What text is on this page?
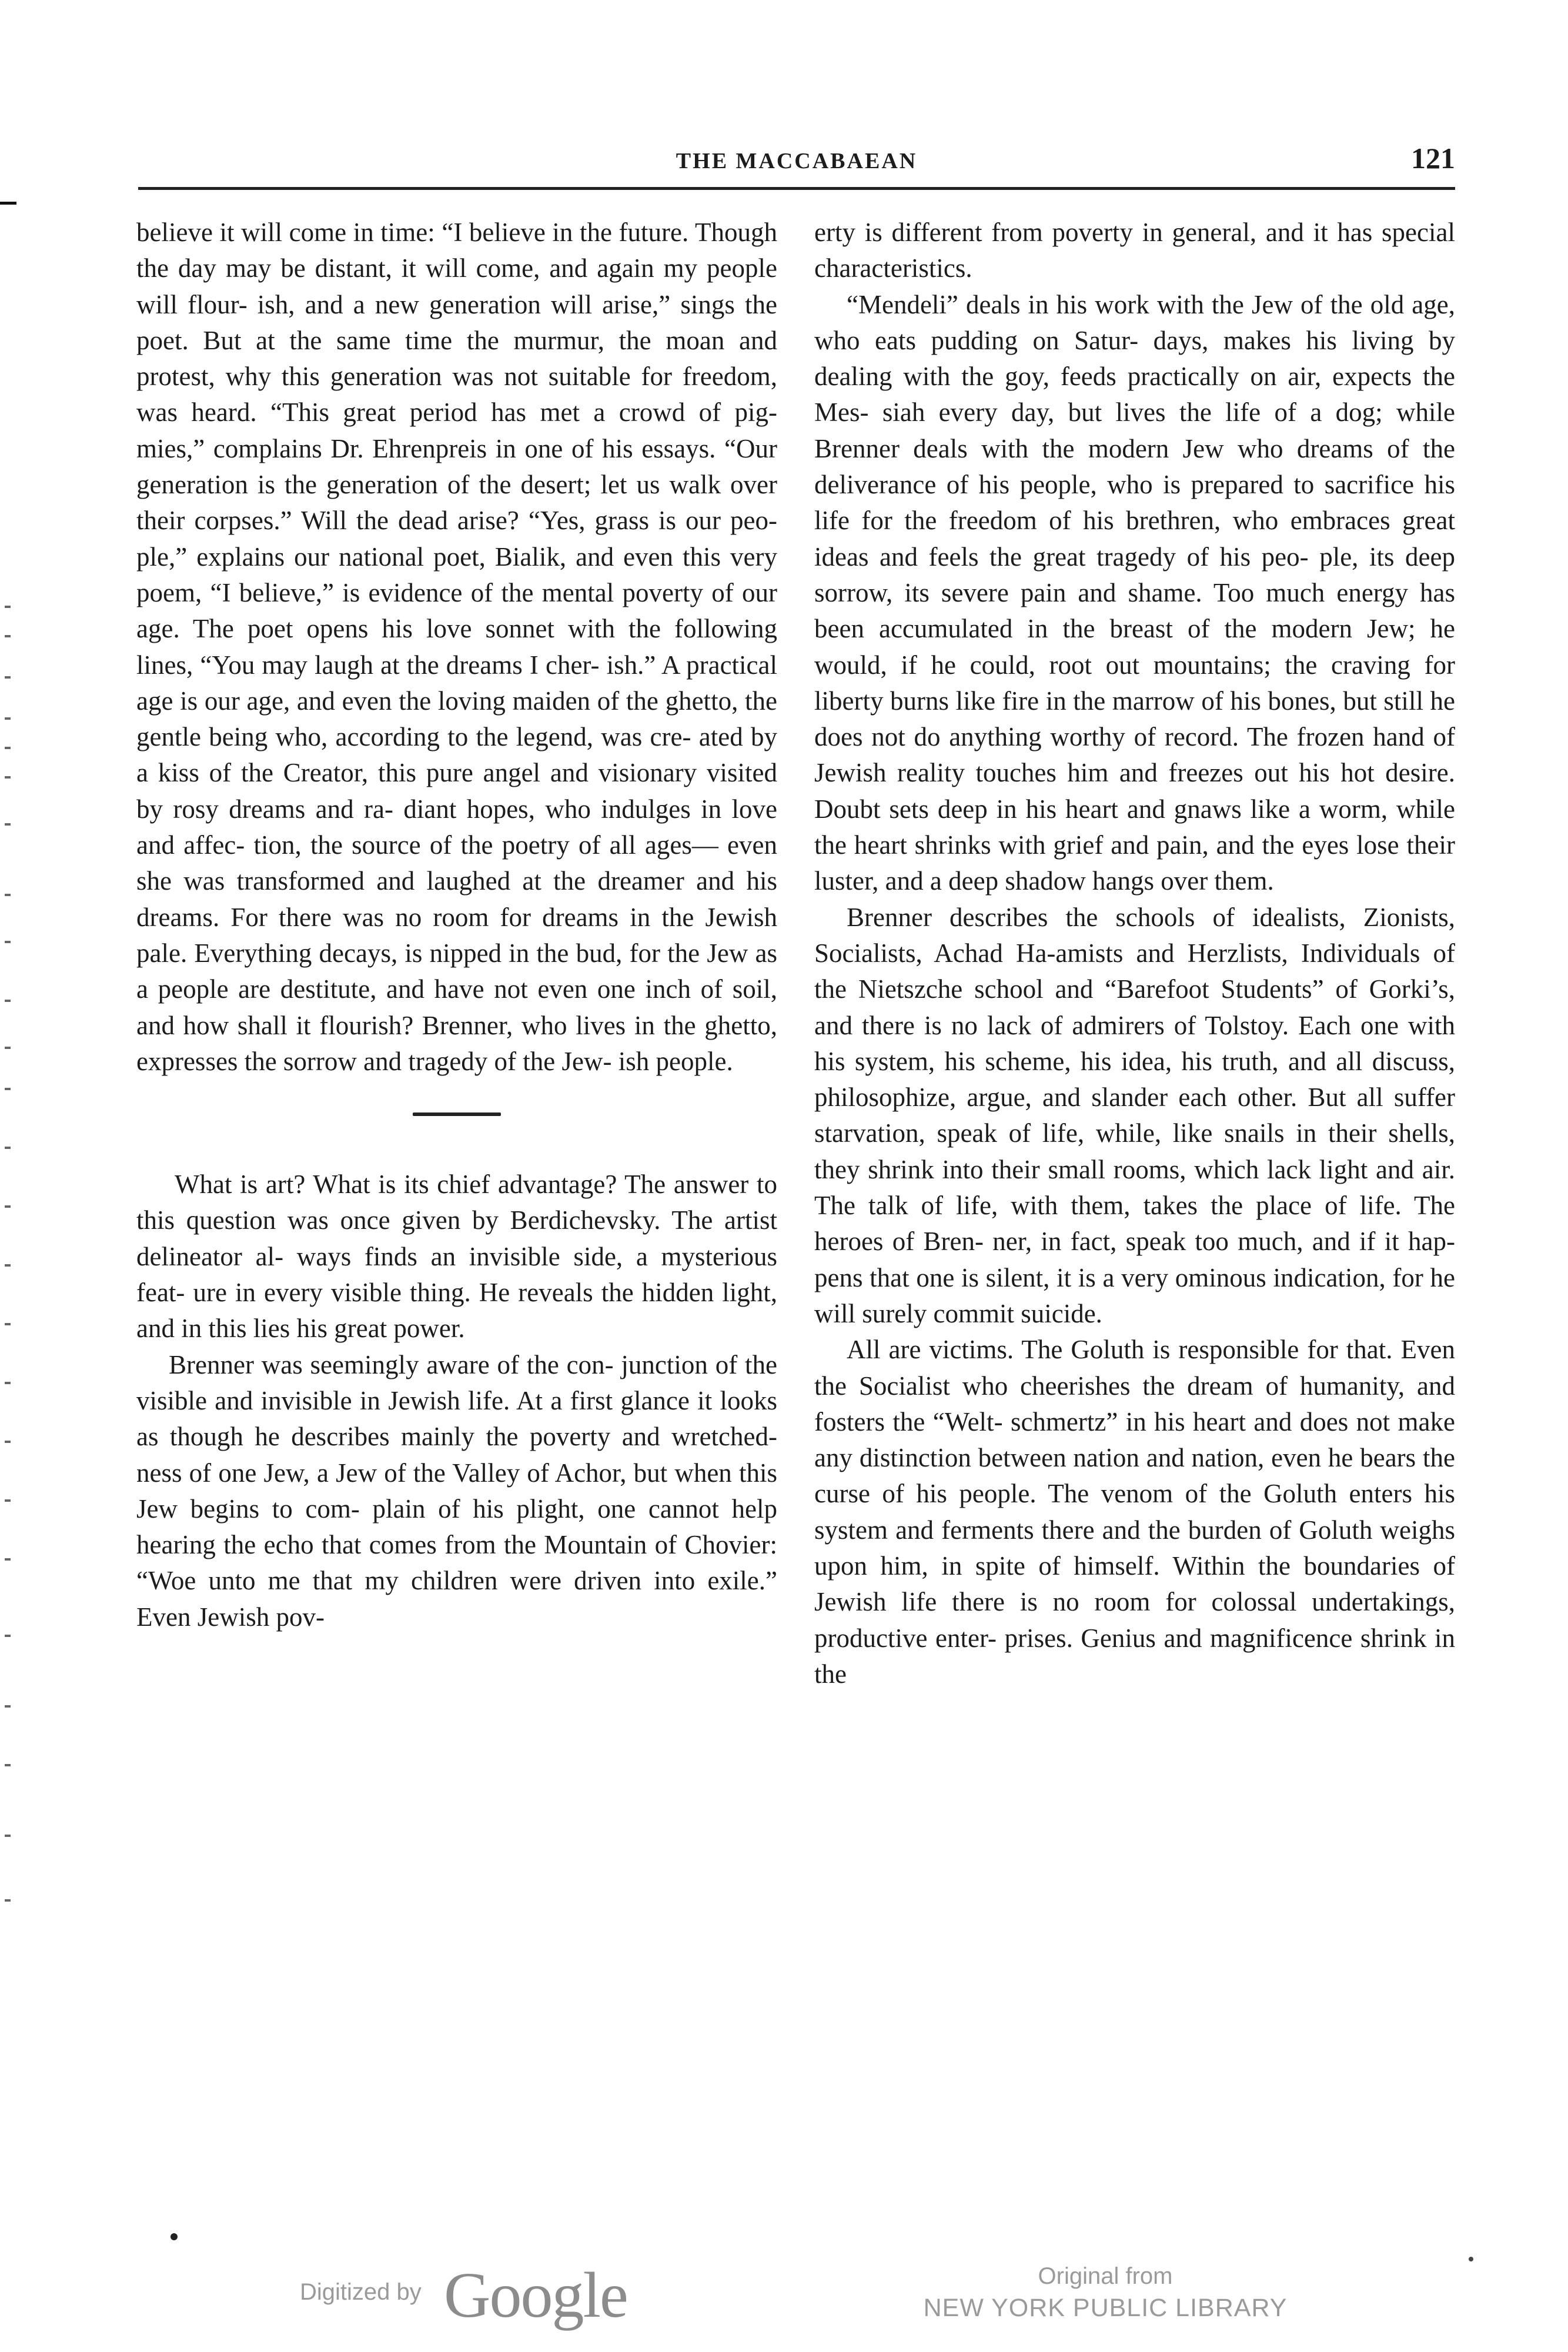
THE MACCABAEAN	121

believe it will come in time: “I believe in the future. Though the day may be distant, it will come, and again my people will flour- ish, and a new generation will arise,” sings the poet. But at the same time the murmur, the moan and protest, why this generation was not suitable for freedom, was heard. “This great period has met a crowd of pig- mies,” complains Dr. Ehrenpreis in one of his essays. “Our generation is the generation of the desert; let us walk over their corpses.” Will the dead arise? “Yes, grass is our peo- ple,” explains our national poet, Bialik, and even this very poem, “I believe,” is evidence of the mental poverty of our age. The poet opens his love sonnet with the following lines, “You may laugh at the dreams I cher- ish.” A practical age is our age, and even the loving maiden of the ghetto, the gentle being who, according to the legend, was cre- ated by a kiss of the Creator, this pure angel and visionary visited by rosy dreams and ra- diant hopes, who indulges in love and affec- tion, the source of the poetry of all ages— even she was transformed and laughed at the dreamer and his dreams. For there was no room for dreams in the Jewish pale. Everything decays, is nipped in the bud, for the Jew as a people are destitute, and have not even one inch of soil, and how shall it flourish? Brenner, who lives in the ghetto, expresses the sorrow and tragedy of the Jew- ish people.

What is art? What is its chief advantage? The answer to this question was once given by Berdichevsky. The artist delineator al- ways finds an invisible side, a mysterious feat- ure in every visible thing. He reveals the hidden light, and in this lies his great power.

Brenner was seemingly aware of the con- junction of the visible and invisible in Jewish life. At a first glance it looks as though he describes mainly the poverty and wretched- ness of one Jew, a Jew of the Valley of Achor, but when this Jew begins to com- plain of his plight, one cannot help hearing the echo that comes from the Mountain of Chovier: “Woe unto me that my children were driven into exile.” Even Jewish pov-

erty is different from poverty in general, and it has special characteristics.

“Mendeli” deals in his work with the Jew of the old age, who eats pudding on Satur- days, makes his living by dealing with the goy, feeds practically on air, expects the Mes- siah every day, but lives the life of a dog; while Brenner deals with the modern Jew who dreams of the deliverance of his people, who is prepared to sacrifice his life for the freedom of his brethren, who embraces great ideas and feels the great tragedy of his peo- ple, its deep sorrow, its severe pain and shame. Too much energy has been accumulated in the breast of the modern Jew; he would, if he could, root out mountains; the craving for liberty burns like fire in the marrow of his bones, but still he does not do anything worthy of record. The frozen hand of Jewish reality touches him and freezes out his hot desire. Doubt sets deep in his heart and gnaws like a worm, while the heart shrinks with grief and pain, and the eyes lose their luster, and a deep shadow hangs over them.

Brenner describes the schools of idealists, Zionists, Socialists, Achad Ha-amists and Herzlists, Individuals of the Nietszche school and “Barefoot Students” of Gorki’s, and there is no lack of admirers of Tolstoy. Each one with his system, his scheme, his idea, his truth, and all discuss, philosophize, argue, and slander each other. But all suffer starvation, speak of life, while, like snails in their shells, they shrink into their small rooms, which lack light and air. The talk of life, with them, takes the place of life. The heroes of Bren- ner, in fact, speak too much, and if it hap- pens that one is silent, it is a very ominous indication, for he will surely commit suicide.

All are victims. The Goluth is responsible for that. Even the Socialist who cheerishes the dream of humanity, and fosters the “Welt- schmertz” in his heart and does not make any distinction between nation and nation, even he bears the curse of his people. The venom of the Goluth enters his system and ferments there and the burden of Goluth weighs upon him, in spite of himself. Within the boundaries of Jewish life there is no room for colossal undertakings, productive enter- prises. Genius and magnificence shrink in the

Digitized by Google	Original from
NEW YORK PUBLIC LIBRARY
